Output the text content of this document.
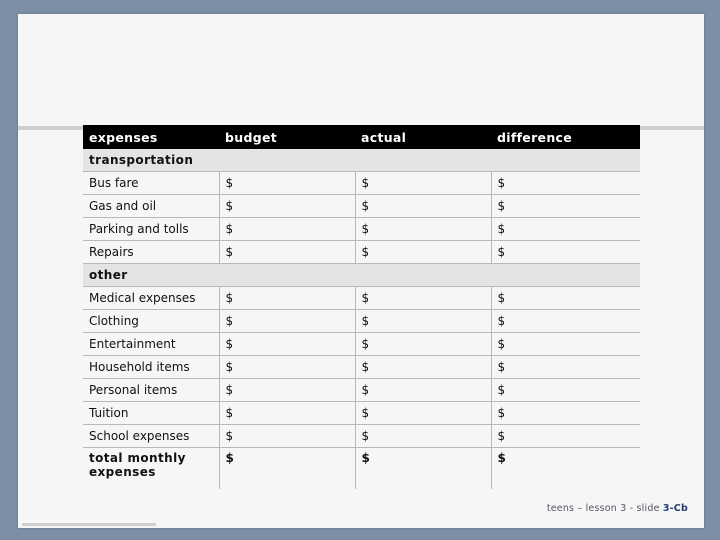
expenses	budget	actual	difference
transportation			
Bus fare	$	$	$
Gas and oil	$	$	$
Parking and tolls	$	$	$
Repairs	$	$	$
other			
Medical expenses	$	$	$
Clothing	$	$	$
Entertainment	$	$	$
Household items	$	$	$
Personal items	$	$	$
Tuition	$	$	$
School expenses	$	$	$
total monthly expenses	$	$	$
teens – lesson 3 - slide 3-Cb
